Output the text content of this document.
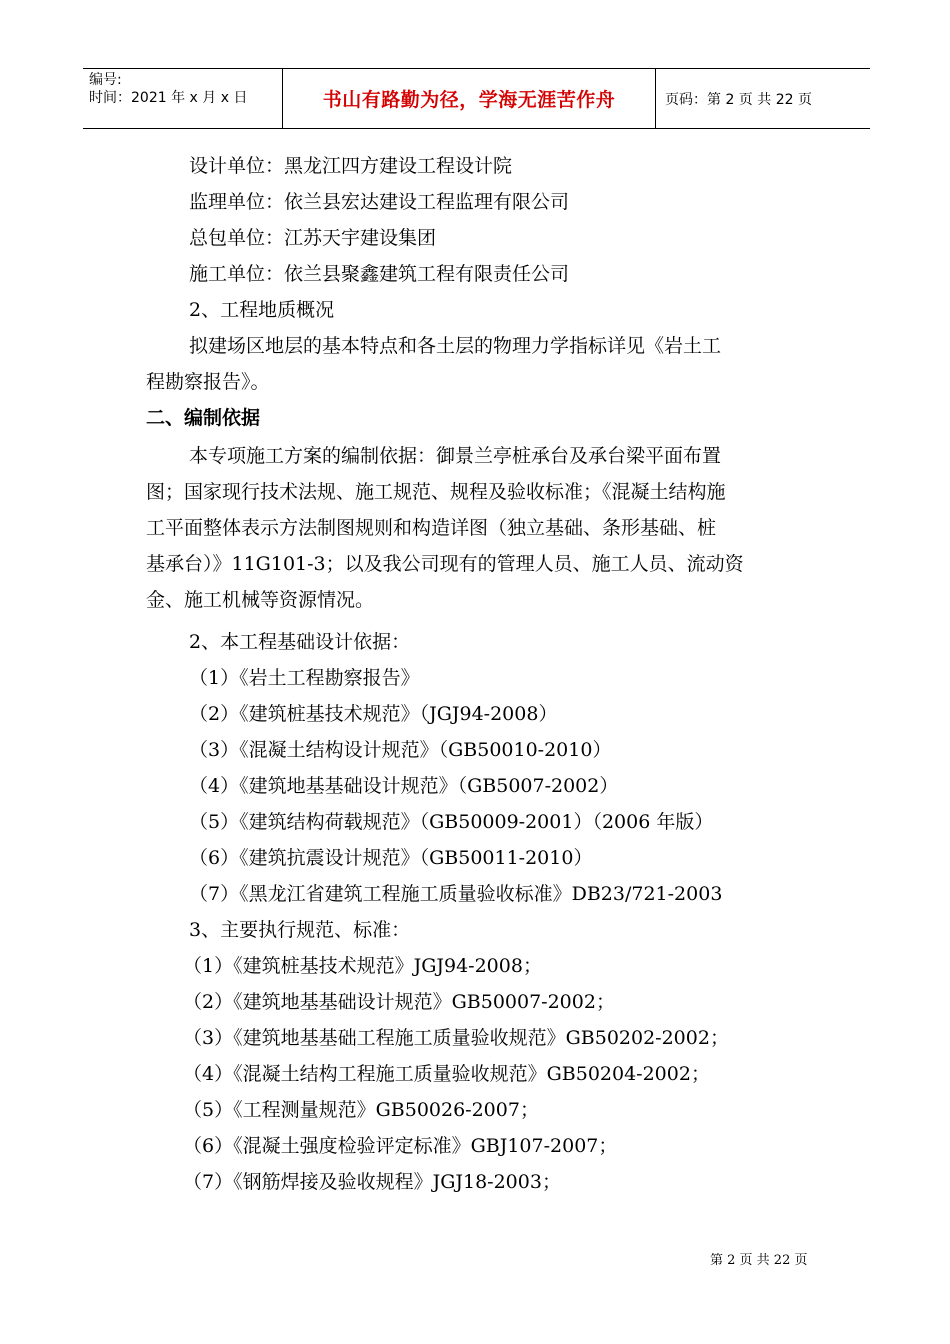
编号:
时间：2021 年 x 月 x 日	书山有路勤为径，学海无涯苦作舟	页码：第 2 页 共 22 页
设计单位：黑龙江四方建设工程设计院
监理单位：依兰县宏达建设工程监理有限公司
总包单位：江苏天宇建设集团
施工单位：依兰县聚鑫建筑工程有限责任公司
2、工程地质概况
拟建场区地层的基本特点和各土层的物理力学指标详见《岩土工
程勘察报告》。
二、编制依据
本专项施工方案的编制依据：御景兰亭桩承台及承台梁平面布置
图；国家现行技术法规、施工规范、规程及验收标准；《混凝土结构施
工平面整体表示方法制图规则和构造详图（独立基础、条形基础、桩
基承台）》11G101-3；以及我公司现有的管理人员、施工人员、流动资
金、施工机械等资源情况。
2、本工程基础设计依据：
（1）《岩土工程勘察报告》
（2）《建筑桩基技术规范》（JGJ94-2008）
（3）《混凝土结构设计规范》（GB50010-2010）
（4）《建筑地基基础设计规范》（GB5007-2002）
（5）《建筑结构荷载规范》（GB50009-2001）（2006 年版）
（6）《建筑抗震设计规范》（GB50011-2010）
（7）《黑龙江省建筑工程施工质量验收标准》DB23/721-2003
3、主要执行规范、标准：
（1）《建筑桩基技术规范》JGJ94-2008；
（2）《建筑地基基础设计规范》GB50007-2002；
（3）《建筑地基基础工程施工质量验收规范》GB50202-2002；
（4）《混凝土结构工程施工质量验收规范》GB50204-2002；
（5）《工程测量规范》GB50026-2007；
（6）《混凝土强度检验评定标准》GBJ107-2007；
（7）《钢筋焊接及验收规程》JGJ18-2003；
第 2 页 共 22 页
